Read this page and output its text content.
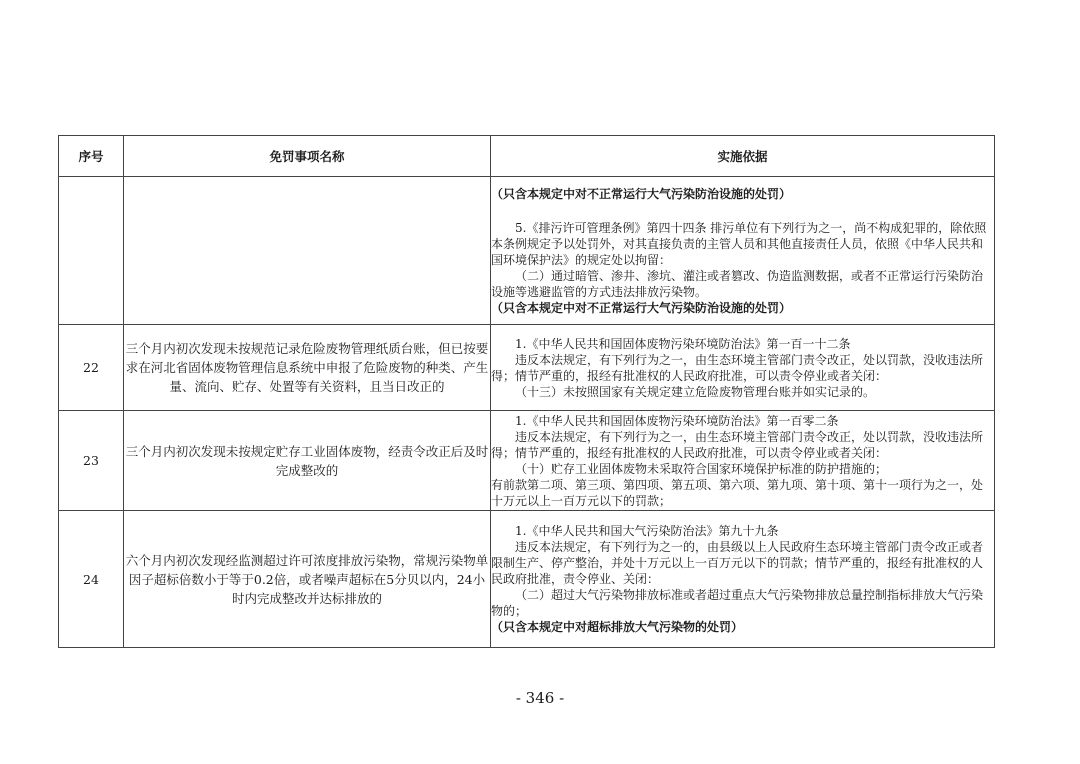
序号	免罚事项名称	实施依据

		（只含本规定中对不正常运行大气污染防治设施的处罚）

5.《排污许可管理条例》第四十四条 排污单位有下列行为之一，尚不构成犯罪的，除依照本条例规定予以处罚外，对其直接负责的主管人员和其他直接责任人员，依照《中华人民共和国环境保护法》的规定处以拘留：

（二）通过暗管、渗井、渗坑、灌注或者篡改、伪造监测数据，或者不正常运行污染防治设施等逃避监管的方式违法排放污染物。

（只含本规定中对不正常运行大气污染防治设施的处罚）

22	三个月内初次发现未按规范记录危险废物管理纸质台账，但已按要求在河北省固体废物管理信息系统中申报了危险废物的种类、产生量、流向、贮存、处置等有关资料，且当日改正的	1.《中华人民共和国固体废物污染环境防治法》第一百一十二条

违反本法规定，有下列行为之一，由生态环境主管部门责令改正，处以罚款，没收违法所得；情节严重的，报经有批准权的人民政府批准，可以责令停业或者关闭：

（十三）未按照国家有关规定建立危险废物管理台账并如实记录的。

23	三个月内初次发现未按规定贮存工业固体废物，经责令改正后及时完成整改的	1.《中华人民共和国固体废物污染环境防治法》第一百零二条

违反本法规定，有下列行为之一，由生态环境主管部门责令改正，处以罚款，没收违法所得；情节严重的，报经有批准权的人民政府批准，可以责令停业或者关闭：

（十）贮存工业固体废物未采取符合国家环境保护标准的防护措施的；

有前款第二项、第三项、第四项、第五项、第六项、第九项、第十项、第十一项行为之一，处十万元以上一百万元以下的罚款；

24	六个月内初次发现经监测超过许可浓度排放污染物，常规污染物单因子超标倍数小于等于0.2倍，或者噪声超标在5分贝以内，24小时内完成整改并达标排放的	1.《中华人民共和国大气污染防治法》第九十九条

违反本法规定，有下列行为之一的，由县级以上人民政府生态环境主管部门责令改正或者限制生产、停产整治，并处十万元以上一百万元以下的罚款；情节严重的，报经有批准权的人民政府批准，责令停业、关闭：

（二）超过大气污染物排放标准或者超过重点大气污染物排放总量控制指标排放大气污染物的；

（只含本规定中对超标排放大气污染物的处罚）

- 346 -
